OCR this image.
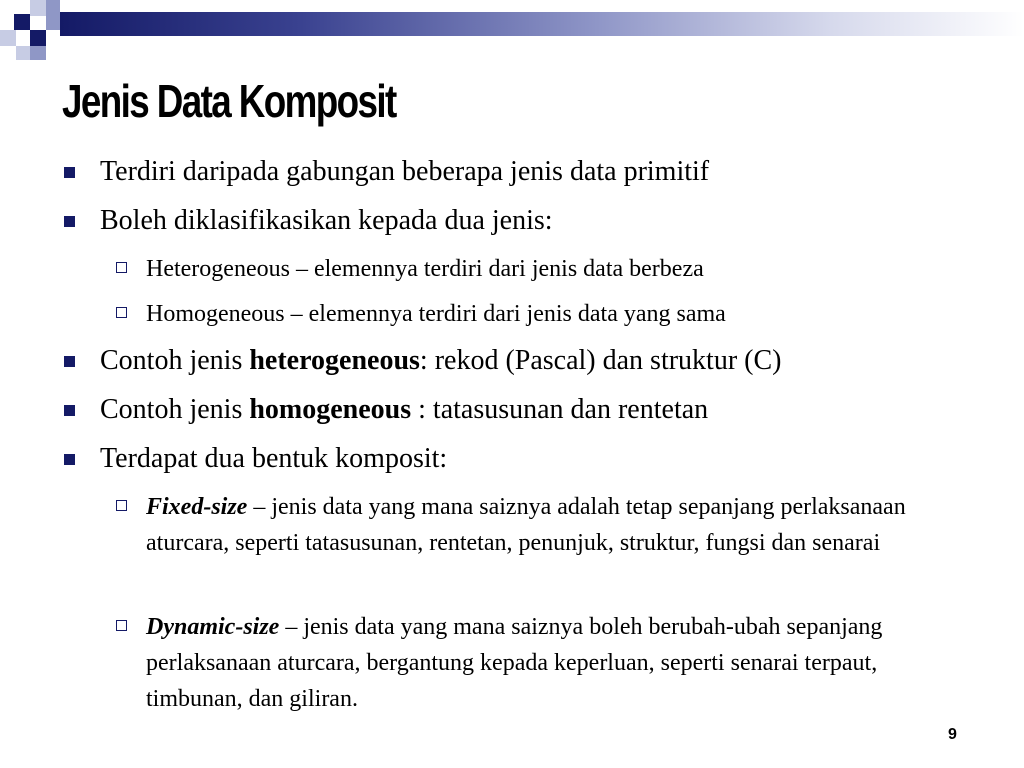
Jenis Data Komposit
Terdiri daripada gabungan beberapa jenis data primitif
Boleh diklasifikasikan kepada dua jenis:
Heterogeneous – elemennya terdiri dari jenis data berbeza
Homogeneous – elemennya terdiri dari jenis data yang sama
Contoh jenis heterogeneous: rekod (Pascal) dan struktur (C)
Contoh jenis homogeneous : tatasusunan dan rentetan
Terdapat dua bentuk komposit:
Fixed-size – jenis data yang mana saiznya adalah tetap sepanjang perlaksanaan aturcara, seperti tatasusunan, rentetan, penunjuk, struktur, fungsi dan senarai
Dynamic-size – jenis data yang mana saiznya boleh berubah-ubah sepanjang perlaksanaan aturcara, bergantung kepada keperluan, seperti senarai terpaut, timbunan, dan giliran.
9
